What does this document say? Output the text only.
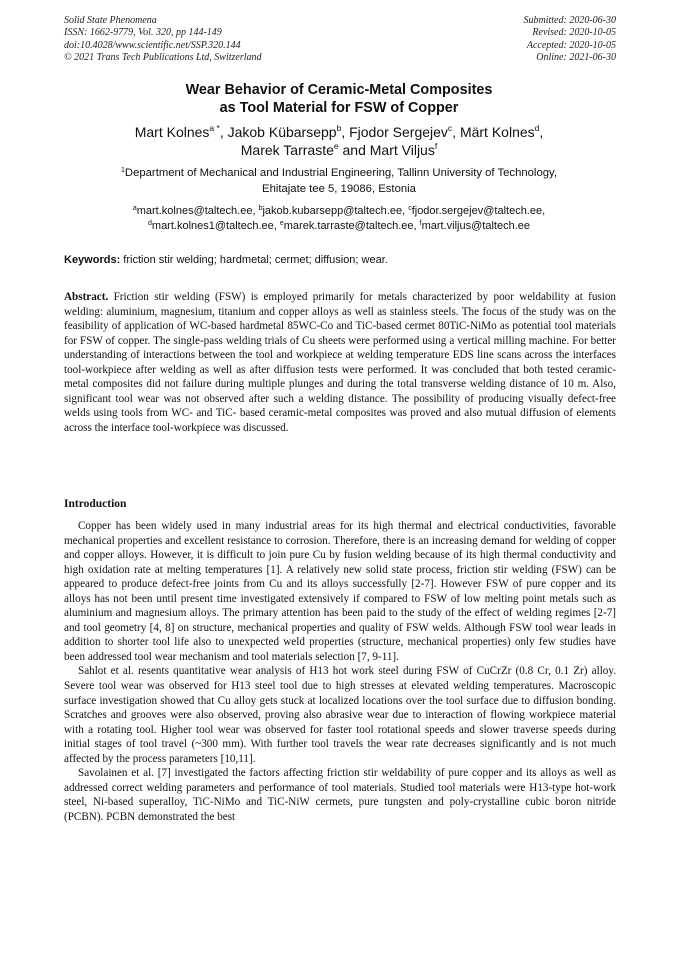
Solid State Phenomena
ISSN: 1662-9779, Vol. 320, pp 144-149
doi:10.4028/www.scientific.net/SSP.320.144
© 2021 Trans Tech Publications Ltd, Switzerland
Submitted: 2020-06-30
Revised: 2020-10-05
Accepted: 2020-10-05
Online: 2021-06-30
Wear Behavior of Ceramic-Metal Composites
as Tool Material for FSW of Copper
Mart Kolnes$^{a *}$, Jakob Kübarsepp$^b$, Fjodor Sergejev$^c$, Märt Kolnes$^d$,
Marek Tarraste$^e$ and Mart Viljus$^f$
$^1$Department of Mechanical and Industrial Engineering, Tallinn University of Technology,
Ehitajate tee 5, 19086, Estonia
$^a$mart.kolnes@taltech.ee, $^b$jakob.kubarsepp@taltech.ee, $^c$fjodor.sergejev@taltech.ee,
$^d$mart.kolnes1@taltech.ee, $^e$marek.tarraste@taltech.ee, $^f$mart.viljus@taltech.ee
Keywords: friction stir welding; hardmetal; cermet; diffusion; wear.
Abstract. Friction stir welding (FSW) is employed primarily for metals characterized by poor weldability at fusion welding: aluminium, magnesium, titanium and copper alloys as well as stainless steels. The focus of the study was on the feasibility of application of WC-based hardmetal 85WC-Co and TiC-based cermet 80TiC-NiMo as potential tool materials for FSW of copper. The single-pass welding trials of Cu sheets were performed using a vertical milling machine. For better understanding of interactions between the tool and workpiece at welding temperature EDS line scans across the interfaces tool-workpiece after welding as well as after diffusion tests were performed. It was concluded that both tested ceramic-metal composites did not failure during multiple plunges and during the total transverse welding distance of 10 m. Also, significant tool wear was not observed after such a welding distance. The possibility of producing visually defect-free welds using tools from WC- and TiC- based ceramic-metal composites was proved and also mutual diffusion of elements across the interface tool-workpiece was discussed.
Introduction

Copper has been widely used in many industrial areas for its high thermal and electrical conductivities, favorable mechanical properties and excellent resistance to corrosion. Therefore, there is an increasing demand for welding of copper and copper alloys. However, it is difficult to join pure Cu by fusion welding because of its high thermal conductivity and high oxidation rate at melting temperatures [1]. A relatively new solid state process, friction stir welding (FSW) can be appeared to produce defect-free joints from Cu and its alloys successfully [2-7]. However FSW of pure copper and its alloys has not been until present time investigated extensively if compared to FSW of low melting point metals such as aluminium and magnesium alloys. The primary attention has been paid to the study of the effect of welding regimes [2-7] and tool geometry [4, 8] on structure, mechanical properties and quality of FSW welds. Although FSW tool wear leads in addition to shorter tool life also to unexpected weld properties (structure, mechanical properties) only few studies have been addressed tool wear mechanism and tool materials selection [7, 9-11].

Sahlot et al. resents quantitative wear analysis of H13 hot work steel during FSW of CuCrZr (0.8 Cr, 0.1 Zr) alloy. Severe tool wear was observed for H13 steel tool due to high stresses at elevated welding temperatures. Macroscopic surface investigation showed that Cu alloy gets stuck at localized locations over the tool surface due to diffusion bonding. Scratches and grooves were also observed, proving also abrasive wear due to interaction of flowing workpiece material with a rotating tool. Higher tool wear was observed for faster tool rotational speeds and slower traverse speeds during initial stages of tool travel (~300 mm). With further tool travels the wear rate decreases significantly and is not much affected by the process parameters [10,11].

Savolainen et al. [7] investigated the factors affecting friction stir weldability of pure copper and its alloys as well as addressed correct welding parameters and performance of tool materials. Studied tool materials were H13-type hot-work steel, Ni-based superalloy, TiC-NiMo and TiC-NiW cermets, pure tungsten and poly-crystalline cubic boron nitride (PCBN). PCBN demonstrated the best
